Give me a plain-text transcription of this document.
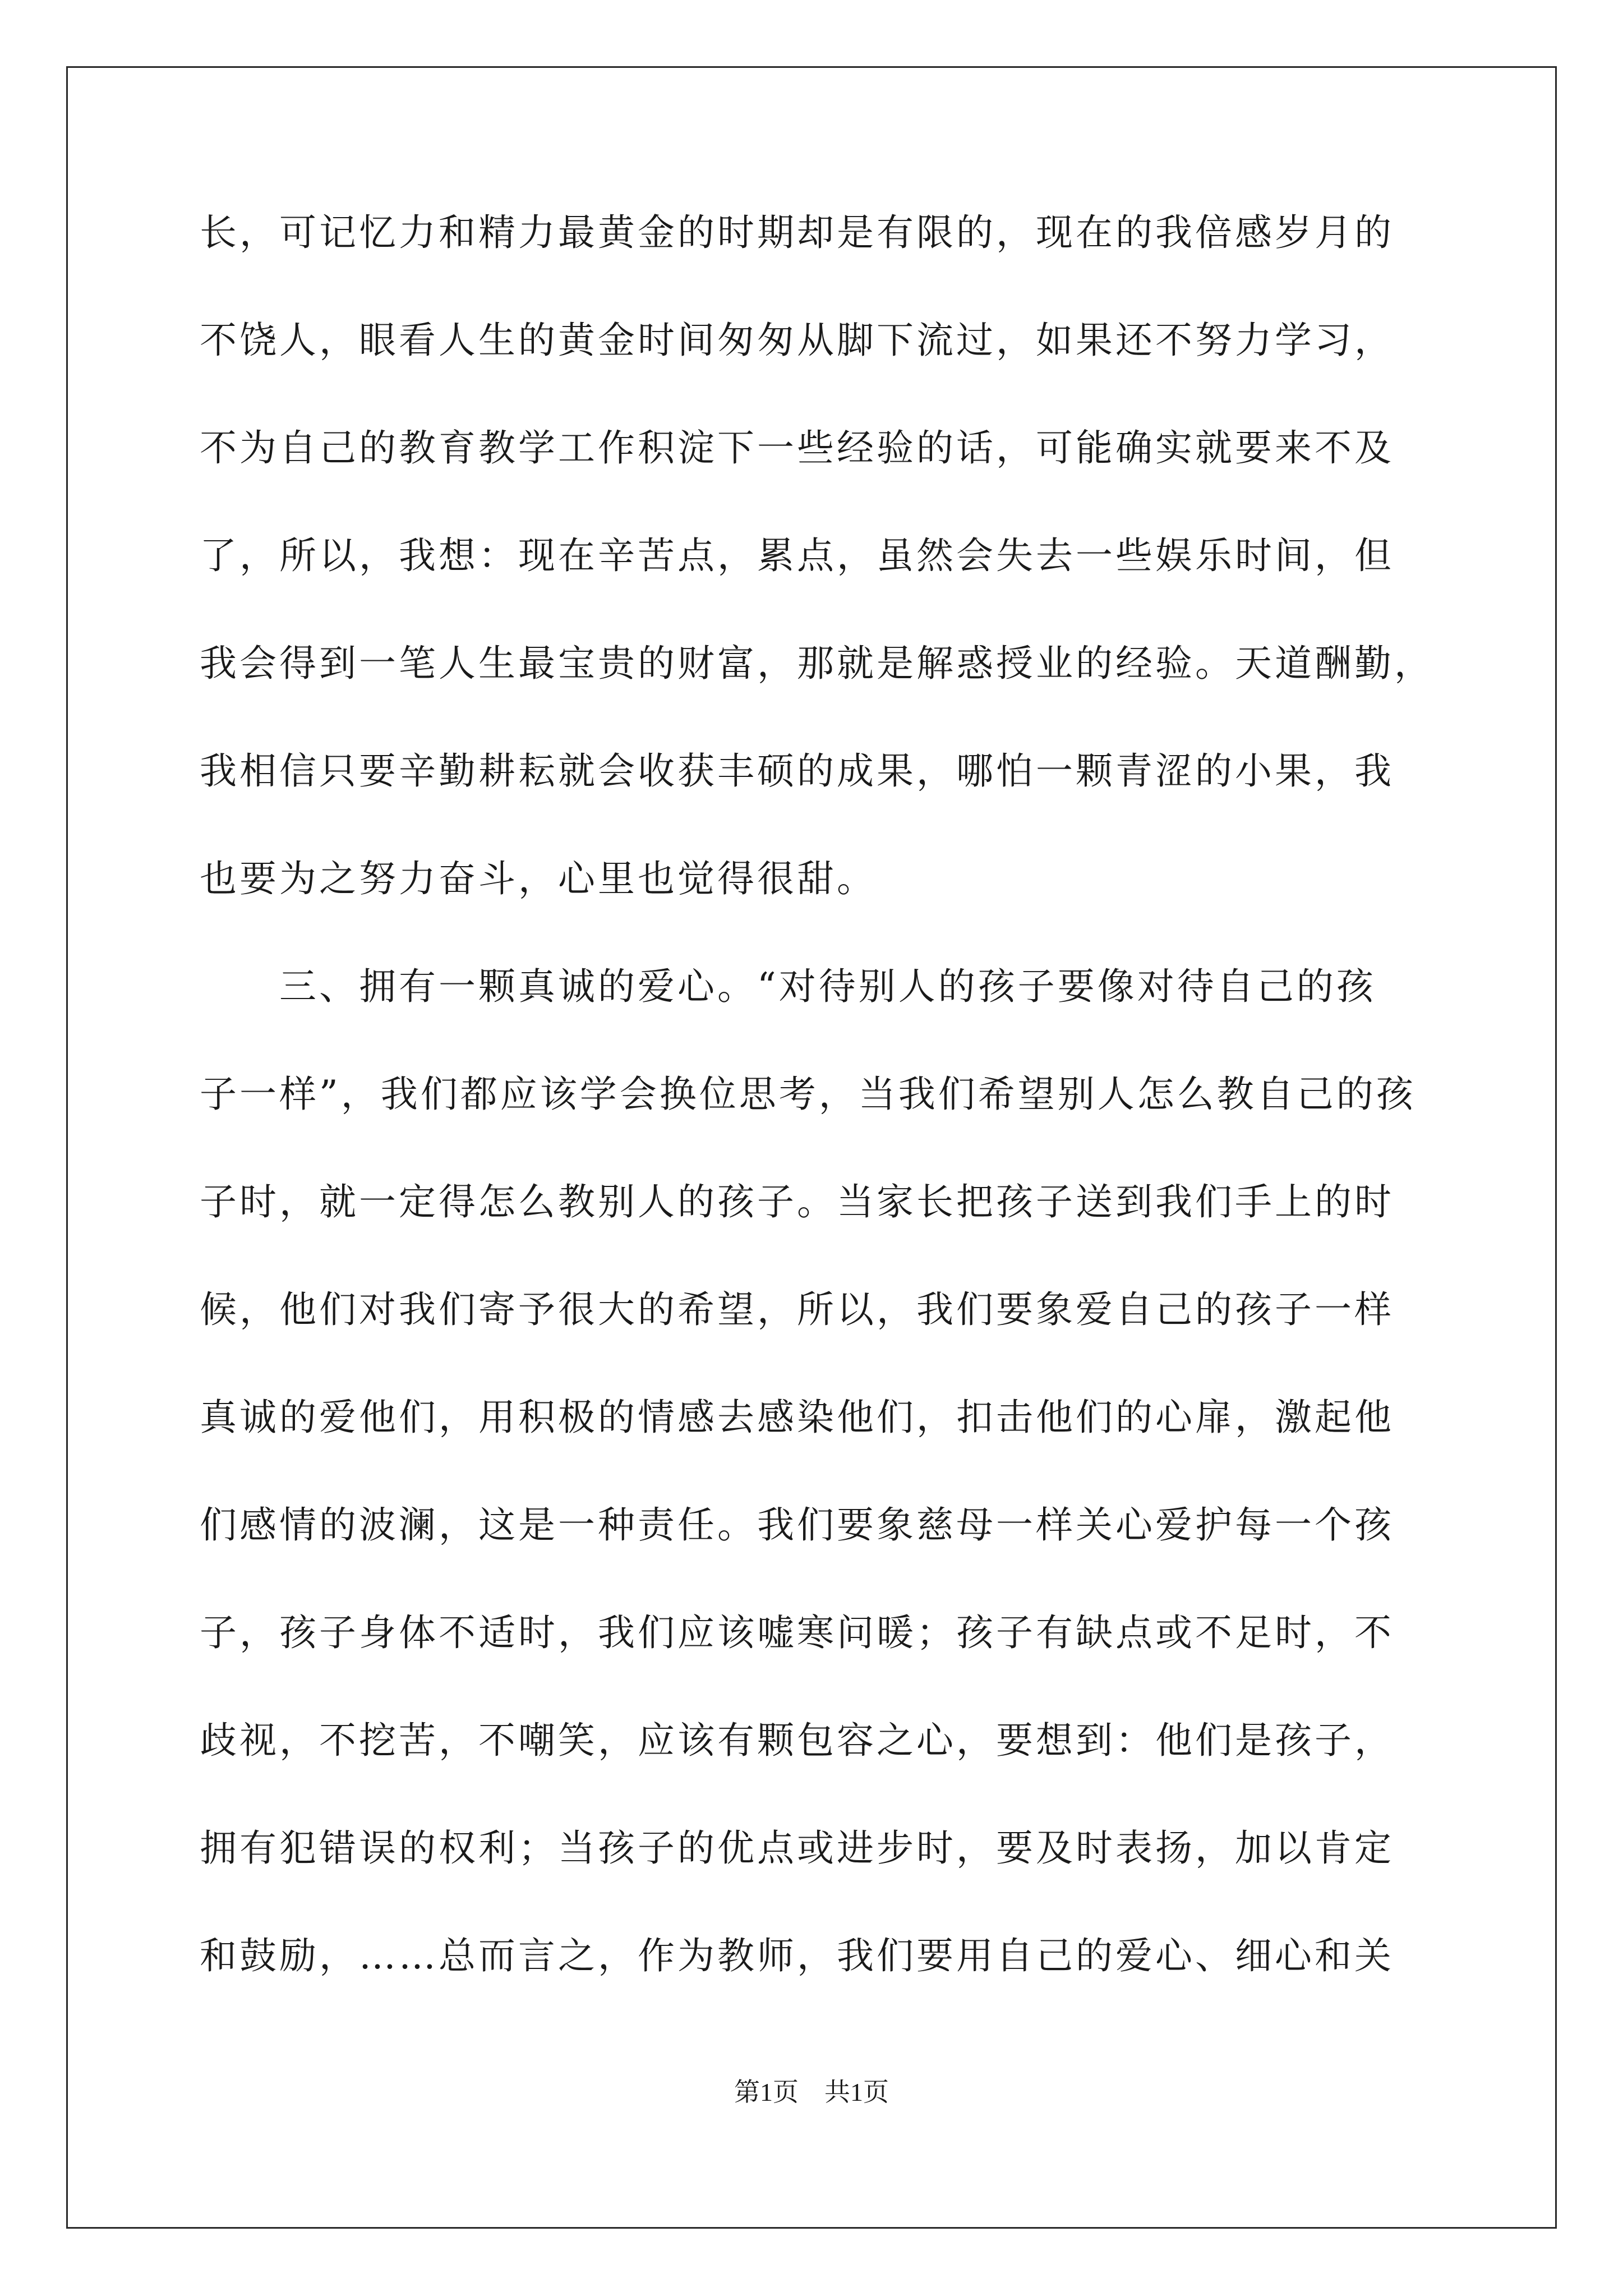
长，可记忆力和精力最黄金的时期却是有限的，现在的我倍感岁月的
不饶人，眼看人生的黄金时间匆匆从脚下流过，如果还不努力学习，
不为自己的教育教学工作积淀下一些经验的话，可能确实就要来不及
了，所以，我想：现在辛苦点，累点，虽然会失去一些娱乐时间，但
我会得到一笔人生最宝贵的财富，那就是解惑授业的经验。天道酬勤，
我相信只要辛勤耕耘就会收获丰硕的成果，哪怕一颗青涩的小果，我
也要为之努力奋斗，心里也觉得很甜。
　　三、拥有一颗真诚的爱心。“对待别人的孩子要像对待自己的孩
子一样”，我们都应该学会换位思考，当我们希望别人怎么教自己的孩
子时，就一定得怎么教别人的孩子。当家长把孩子送到我们手上的时
候，他们对我们寄予很大的希望，所以，我们要象爱自己的孩子一样
真诚的爱他们，用积极的情感去感染他们，扣击他们的心扉，激起他
们感情的波澜，这是一种责任。我们要象慈母一样关心爱护每一个孩
子，孩子身体不适时，我们应该嘘寒问暖；孩子有缺点或不足时，不
歧视，不挖苦，不嘲笑，应该有颗包容之心，要想到：他们是孩子，
拥有犯错误的权利；当孩子的优点或进步时，要及时表扬，加以肯定
和鼓励，……总而言之，作为教师，我们要用自己的爱心、细心和关
第1页　共1页
